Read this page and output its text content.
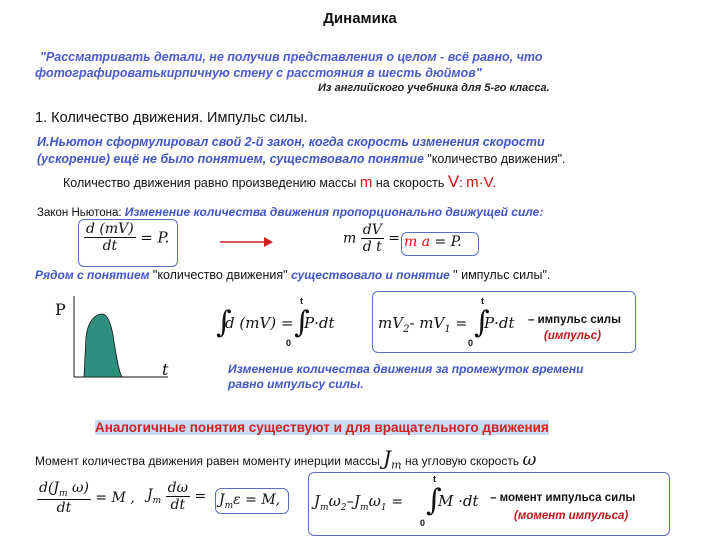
Динамика
"Рассматривать детали, не получив представления о целом - всё равно, что
фотографироватькирпичную стену с расстояния в шесть дюймов"
Из английского учебника для 5-го класса.
1. Количество движения. Импульс силы.
И.Ньютон сформулировал свой 2-й закон, когда скорость изменения скорости
(ускорение) ещё не было понятием, существовало понятие "количество движения".
Количество движения равно произведению массы m на скорость V: m·V.
Закон Ньютона: Изменение количества движения пропорционально движущей силе:
$\frac{d (mV)}{dt} = P$.	m $\frac{dV}{\text{d t}} = m$ a = P.
Рядом с понятием "количество движения" существовало и понятие " импульс силы".
P
t
∫
d (mV) = ∫
t
0
P·dt	$mV_2-$ $mV_1$ = ∫
t
0
P·dt – импульс силы
(импульс)
Изменение количества движения за промежуток времени
равно импульсу силы.
Аналогичные понятия существуют и для вращательного движения
Момент количества движения равен моменту инерции массы $J_m$ на угловую скорость ω
$\frac{d(J_m \omega)}{dt} = M$ , $J_m \frac{d\omega}{dt} = J_m\varepsilon = M$, $J_m\omega_2-J_m\omega_1$ = ∫
t
0
M ·dt – момент импульса силы
(момент импульса)
